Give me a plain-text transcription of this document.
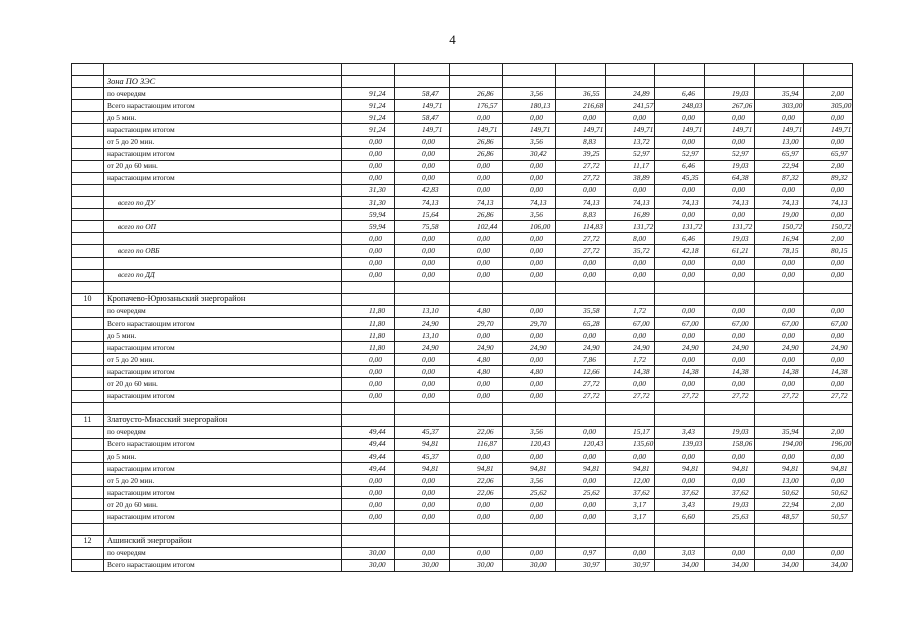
4

	Зона ПО ЗЭС										
	по очередям	91,24	58,47	26,86	3,56	36,55	24,89	6,46	19,03	35,94	2,00
	Всего нарастающим итогом	91,24	149,71	176,57	180,13	216,68	241,57	248,03	267,06	303,00	305,00
	до 5 мин.	91,24	58,47	0,00	0,00	0,00	0,00	0,00	0,00	0,00	0,00
	нарастающим итогом	91,24	149,71	149,71	149,71	149,71	149,71	149,71	149,71	149,71	149,71
	от 5 до 20 мин.	0,00	0,00	26,86	3,56	8,83	13,72	0,00	0,00	13,00	0,00
	нарастающим итогом	0,00	0,00	26,86	30,42	39,25	52,97	52,97	52,97	65,97	65,97
	от 20 до 60 мин.	0,00	0,00	0,00	0,00	27,72	11,17	6,46	19,03	22,94	2,00
	нарастающим итогом	0,00	0,00	0,00	0,00	27,72	38,89	45,35	64,38	87,32	89,32
		31,30	42,83	0,00	0,00	0,00	0,00	0,00	0,00	0,00	0,00
	всего по ДУ	31,30	74,13	74,13	74,13	74,13	74,13	74,13	74,13	74,13	74,13
		59,94	15,64	26,86	3,56	8,83	16,89	0,00	0,00	19,00	0,00
	всего по ОП	59,94	75,58	102,44	106,00	114,83	131,72	131,72	131,72	150,72	150,72
		0,00	0,00	0,00	0,00	27,72	8,00	6,46	19,03	16,94	2,00
	всего по ОВБ	0,00	0,00	0,00	0,00	27,72	35,72	42,18	61,21	78,15	80,15
		0,00	0,00	0,00	0,00	0,00	0,00	0,00	0,00	0,00	0,00
	всего по ДД	0,00	0,00	0,00	0,00	0,00	0,00	0,00	0,00	0,00	0,00

10	Кропачево-Юрюзаньский энергорайон										
	по очередям	11,80	13,10	4,80	0,00	35,58	1,72	0,00	0,00	0,00	0,00
	Всего нарастающим итогом	11,80	24,90	29,70	29,70	65,28	67,00	67,00	67,00	67,00	67,00
	до 5 мин.	11,80	13,10	0,00	0,00	0,00	0,00	0,00	0,00	0,00	0,00
	нарастающим итогом	11,80	24,90	24,90	24,90	24,90	24,90	24,90	24,90	24,90	24,90
	от 5 до 20 мин.	0,00	0,00	4,80	0,00	7,86	1,72	0,00	0,00	0,00	0,00
	нарастающим итогом	0,00	0,00	4,80	4,80	12,66	14,38	14,38	14,38	14,38	14,38
	от 20 до 60 мин.	0,00	0,00	0,00	0,00	27,72	0,00	0,00	0,00	0,00	0,00
	нарастающим итогом	0,00	0,00	0,00	0,00	27,72	27,72	27,72	27,72	27,72	27,72

11	Златоусто-Миасский энергорайон										
	по очередям	49,44	45,37	22,06	3,56	0,00	15,17	3,43	19,03	35,94	2,00
	Всего нарастающим итогом	49,44	94,81	116,87	120,43	120,43	135,60	139,03	158,06	194,00	196,00
	до 5 мин.	49,44	45,37	0,00	0,00	0,00	0,00	0,00	0,00	0,00	0,00
	нарастающим итогом	49,44	94,81	94,81	94,81	94,81	94,81	94,81	94,81	94,81	94,81
	от 5 до 20 мин.	0,00	0,00	22,06	3,56	0,00	12,00	0,00	0,00	13,00	0,00
	нарастающим итогом	0,00	0,00	22,06	25,62	25,62	37,62	37,62	37,62	50,62	50,62
	от 20 до 60 мин.	0,00	0,00	0,00	0,00	0,00	3,17	3,43	19,03	22,94	2,00
	нарастающим итогом	0,00	0,00	0,00	0,00	0,00	3,17	6,60	25,63	48,57	50,57

12	Ашинский энергорайон										
	по очередям	30,00	0,00	0,00	0,00	0,97	0,00	3,03	0,00	0,00	0,00
	Всего нарастающим итогом	30,00	30,00	30,00	30,00	30,97	30,97	34,00	34,00	34,00	34,00
